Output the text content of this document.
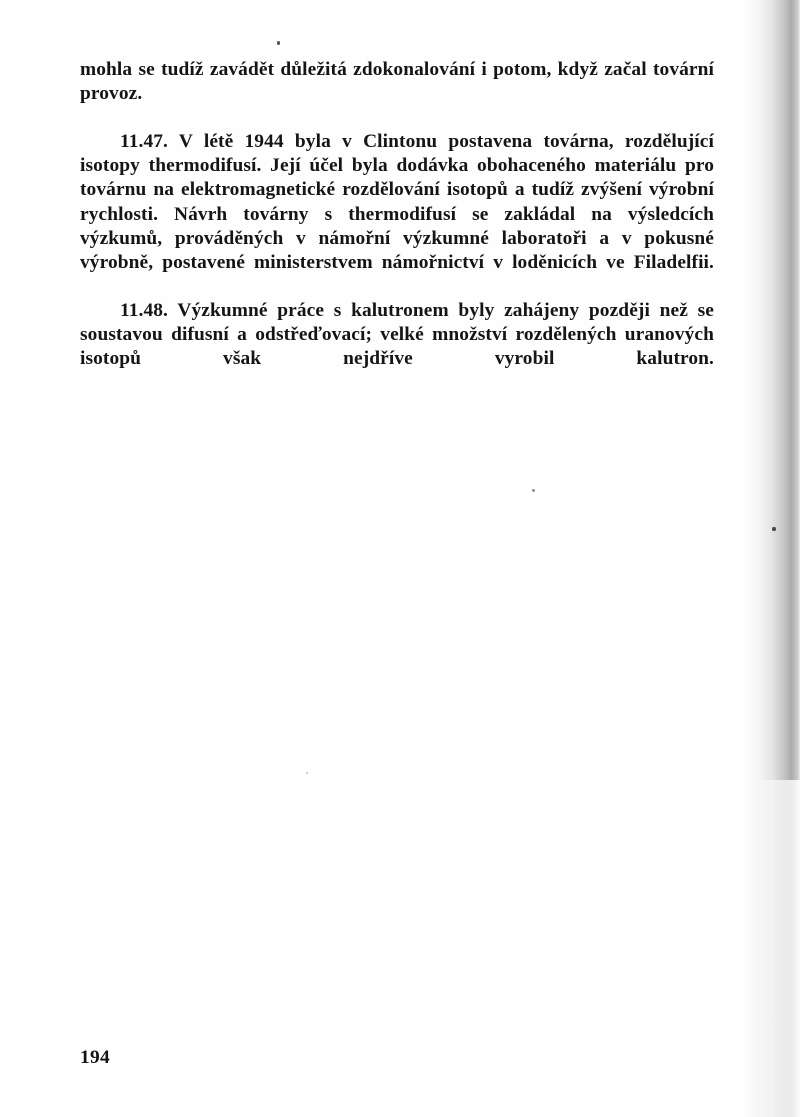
mohla se tudíž zavádět důležitá zdokonalování i potom, když začal tovární provoz.

11.47. V létě 1944 byla v Clintonu postavena továrna, rozdělující isotopy thermodifusí. Její účel byla dodávka obohaceného materiálu pro továrnu na elektromagnetické rozdělování isotopů a tudíž zvýšení výrobní rychlosti. Návrh továrny s thermodifusí se zakládal na výsledcích výzkumů, prováděných v námořní výzkumné laboratoři a v pokusné výrobně, postavené ministerstvem námořnictví v loděnicích ve Filadelfii.

11.48. Výzkumné práce s kalutronem byly zahájeny později než se soustavou difusní a odstřeďovací; velké množství rozdělených uranových isotopů však nejdříve vyrobil kalutron.

194
